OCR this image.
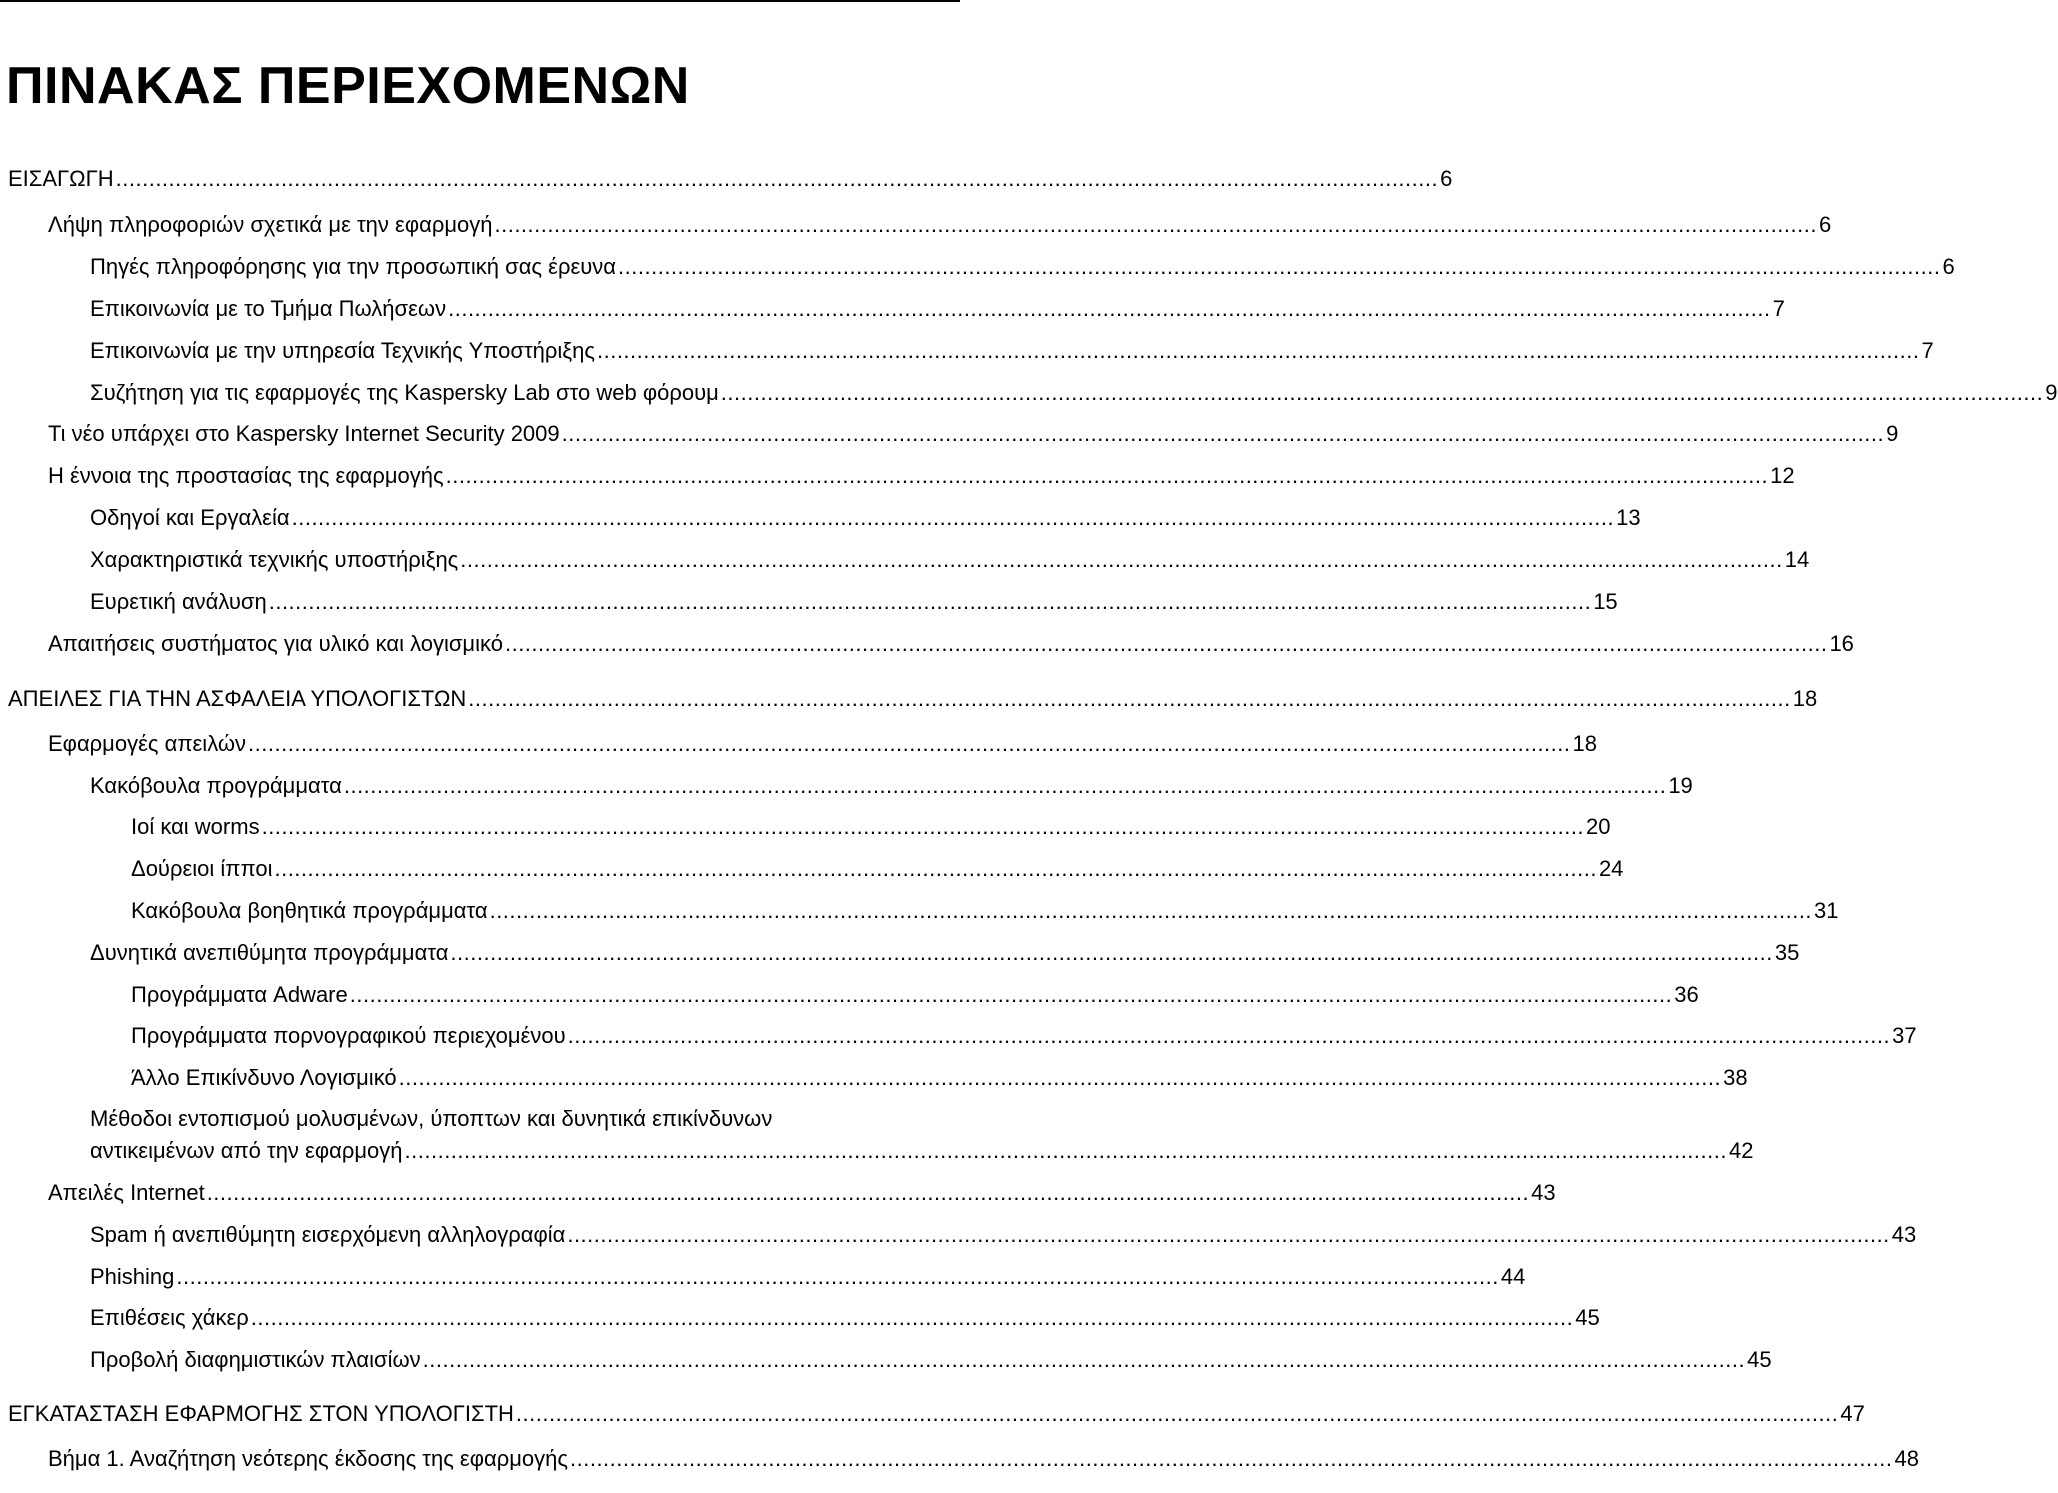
ΠΙΝΑΚΑΣ ΠΕΡΙΕΧΟΜΕΝΩΝ
ΕΙΣΑΓΩΓΗ .....	6
Λήψη πληροφοριών σχετικά με την εφαρμογή .....	6
Πηγές πληροφόρησης για την προσωπική σας έρευνα .....	6
Επικοινωνία με το Τμήμα Πωλήσεων .....	7
Επικοινωνία με την υπηρεσία Τεχνικής Υποστήριξης .....	7
Συζήτηση για τις εφαρμογές της Kaspersky Lab στο web φόρουμ .....	9
Τι νέο υπάρχει στο Kaspersky Internet Security 2009 .....	9
Η έννοια της προστασίας της εφαρμογής .....	12
Οδηγοί και Εργαλεία .....	13
Χαρακτηριστικά τεχνικής υποστήριξης .....	14
Ευρετική ανάλυση .....	15
Απαιτήσεις συστήματος για υλικό και λογισμικό .....	16
ΑΠΕΙΛΕΣ ΓΙΑ ΤΗΝ ΑΣΦΑΛΕΙΑ ΥΠΟΛΟΓΙΣΤΩΝ .....	18
Εφαρμογές απειλών .....	18
Κακόβουλα προγράμματα .....	19
Ιοί και worms .....	20
Δούρειοι ίπποι .....	24
Κακόβουλα βοηθητικά προγράμματα .....	31
Δυνητικά ανεπιθύμητα προγράμματα .....	35
Προγράμματα Adware .....	36
Προγράμματα πορνογραφικού περιεχομένου .....	37
Άλλο Επικίνδυνο Λογισμικό .....	38
Μέθοδοι εντοπισμού μολυσμένων, ύποπτων και δυνητικά επικίνδυνων
αντικειμένων από την εφαρμογή .....	42
Απειλές Internet .....	43
Spam ή ανεπιθύμητη εισερχόμενη αλληλογραφία .....	43
Phishing .....	44
Επιθέσεις χάκερ .....	45
Προβολή διαφημιστικών πλαισίων .....	45
ΕΓΚΑΤΑΣΤΑΣΗ ΕΦΑΡΜΟΓΗΣ ΣΤΟΝ ΥΠΟΛΟΓΙΣΤΗ .....	47
Βήμα 1. Αναζήτηση νεότερης έκδοσης της εφαρμογής .....	48
